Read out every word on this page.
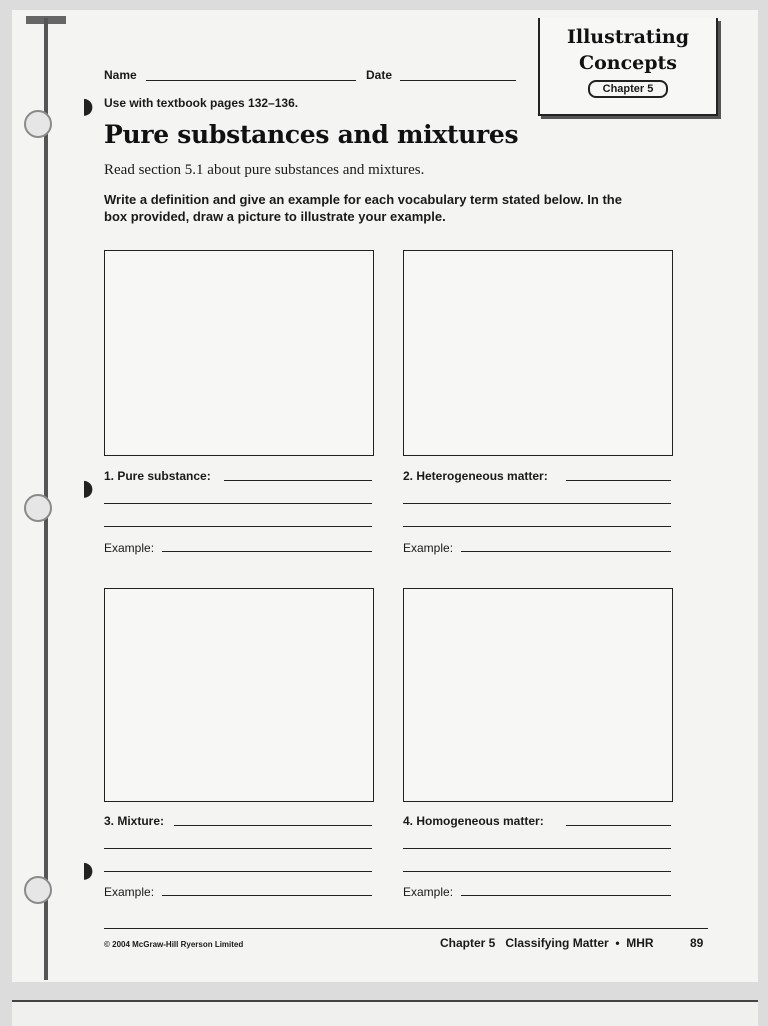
◗
◗
◗
Illustrating
Concepts
Chapter 5
Name	Date
Use with textbook pages 132–136.
Pure substances and mixtures
Read section 5.1 about pure substances and mixtures.
Write a definition and give an example for each vocabulary term stated below. In the box provided, draw a picture to illustrate your example.
1. Pure substance:
Example:
2. Heterogeneous matter:
Example:
3. Mixture:
Example:
4. Homogeneous matter:
Example:
© 2004 McGraw-Hill Ryerson Limited	Chapter 5   Classifying Matter  •  MHR	89
